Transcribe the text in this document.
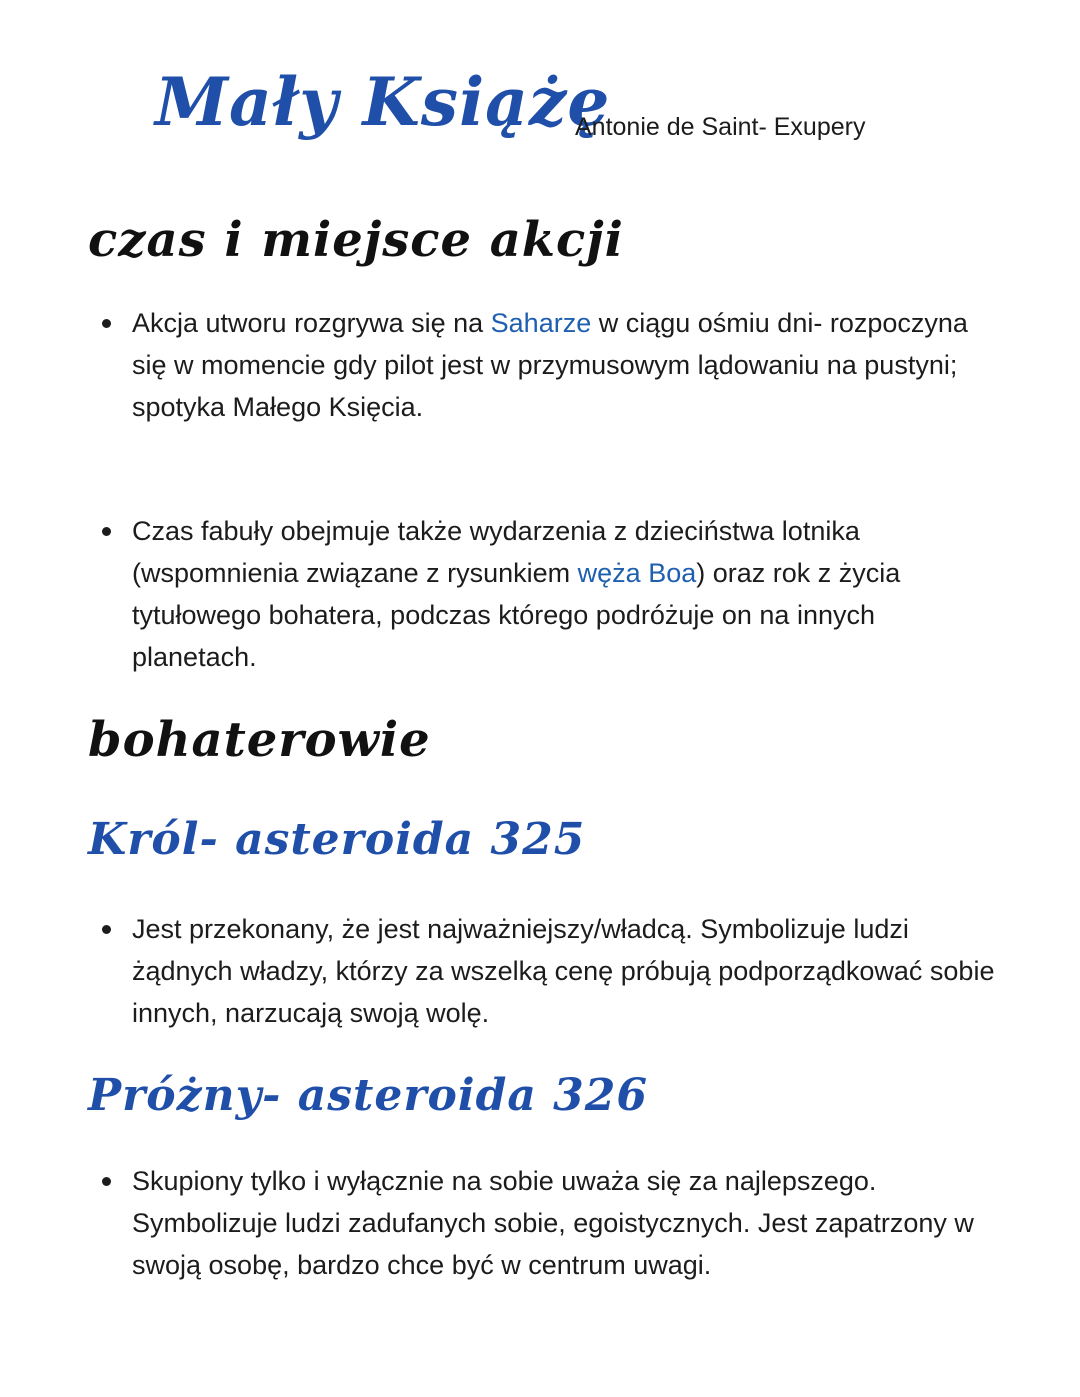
Mały Książę
Antonie de Saint- Exupery
czas i miejsce akcji
Akcja utworu rozgrywa się na Saharze w ciągu ośmiu dni- rozpoczyna się w momencie gdy pilot jest w przymusowym lądowaniu na pustyni; spotyka Małego Księcia.
Czas fabuły obejmuje także wydarzenia z dzieciństwa lotnika (wspomnienia związane z rysunkiem węża Boa) oraz rok z życia tytułowego bohatera, podczas którego podróżuje on na innych planetach.
bohaterowie
Król- asteroida 325
Jest przekonany, że jest najważniejszy/władcą. Symbolizuje ludzi żądnych władzy, którzy za wszelką cenę próbują podporządkować sobie innych, narzucają swoją wolę.
Próżny- asteroida 326
Skupiony tylko i wyłącznie na sobie uważa się za najlepszego. Symbolizuje ludzi zadufanych sobie, egoistycznych. Jest zapatrzony w swoją osobę, bardzo chce być w centrum uwagi.
